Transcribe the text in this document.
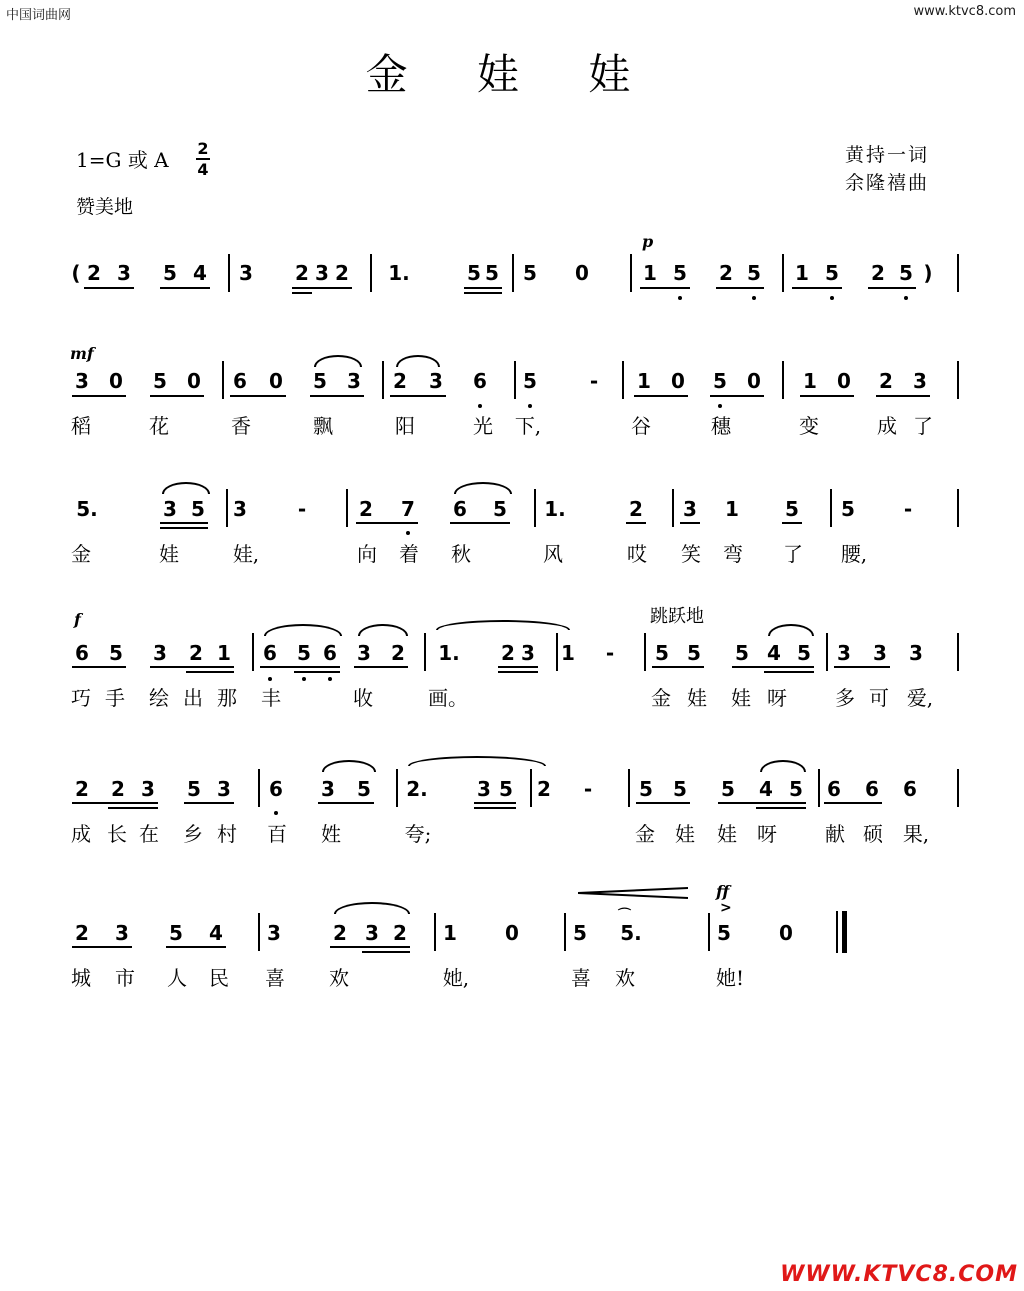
中国词曲网	www.ktvc8.com
金 娃 娃
1=G 或 A 2
4
赞美地
黄持一词
余隆禧曲
p
mf
f
ff
跳跃地
( 2 3 5 4 3 2 3 2 1.	5 5 5 0	1 5 2 5 1 5 2 5 )
3 0 5 0 6 0 5 3 2 3 6 5	- 1 0 5 0 1 0 2 3
稻	花	香	飘	阳	光	下,	谷	穗	变	成 了
5.	3 5 3	-	2 7 6 5 1.	2 3 1 5 5 -
金	娃	娃,	向 着 秋	风	哎 笑 弯 了	腰,
6 5 3 2 1 6 5 6 3 2 1. 2 3 1 - 5 5 5 4 5 3 3 3
巧 手 绘 出 那 丰	收	画。	金 娃 娃 呀 多 可 爱,
2 2 3 5 3 6 3 5 2. 3 5 2 - 5 5 5 4 5 6 6 6
成 长 在 乡 村 百 姓	夸;	金 娃 娃 呀 献 硕 果,
2 3 5 4 3	2 3 2 1 0	5 5.	5 0
⌒	>
城 市 人 民 喜 欢	她,	喜 欢	她!
WWW.KTVC8.COM
